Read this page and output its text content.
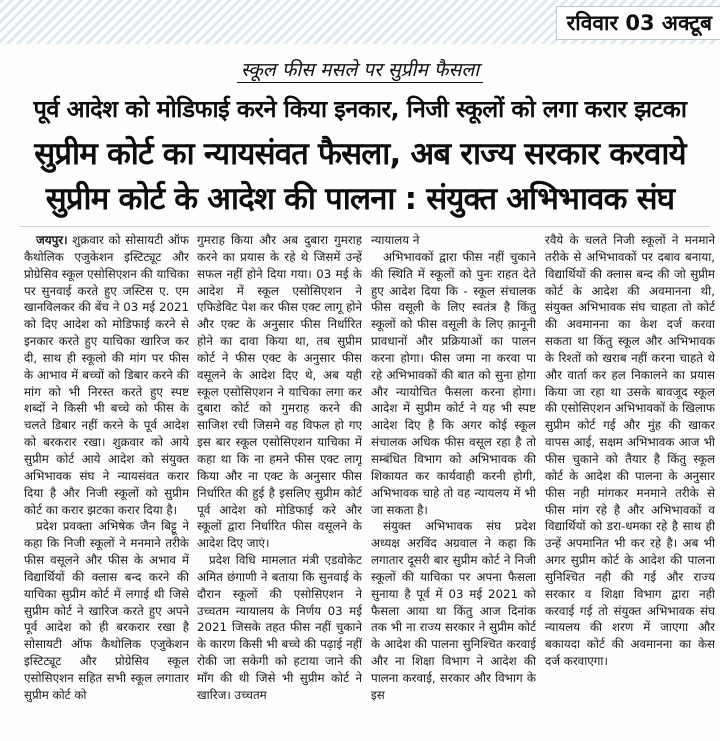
रविवार 03 अक्टूब
स्कूल फीस मसले पर सुप्रीम फैसला
पूर्व आदेश को मोडिफाई करने किया इनकार, निजी स्कूलों को लगा करार झटका
सुप्रीम कोर्ट का न्यायसंवत फैसला, अब राज्य सरकार करवाये
सुप्रीम कोर्ट के आदेश की पालना : संयुक्त अभिभावक संघ

जयपुर। शुक्रवार को सोसायटी ऑफ कैथोलिक एजुकेशन इस्टिट्यूट और प्रोग्रेसिव स्कूल एसोसिएशन की याचिका पर सुनवाई करते हुए जस्टिस ए. एम खानविलकर की बेंच ने 03 मई 2021 को दिए आदेश को मोडिफाई करने से इनकार करते हुए याचिका खारिज कर दी, साथ ही स्कूलो की मांग पर फीस के आभाव में बच्चों को डिबार करने की मांग को भी निरस्त करते हुए स्पष्ट शब्दों ने किसी भी बच्चे को फीस के चलते डिबार नहीं करने के पूर्व आदेश को बरकरार रखा। शुक्रवार को आये सुप्रीम कोर्ट आये आदेश को संयुक्त अभिभावक संघ ने न्यायसंवत करार दिया है और निजी स्कूलों को सुप्रीम कोर्ट का करार झटका करार दिया है।

प्रदेश प्रवक्ता अभिषेक जैन बिट्टू ने कहा कि निजी स्कूलों ने मनमाने तरीके फीस वसूलने और फीस के अभाव में विद्यार्थियों की क्लास बन्द करने की याचिका सुप्रीम कोर्ट में लगाई थी जिसे सुप्रीम कोर्ट ने खारिज करते हुए अपने पूर्व आदेश को ही बरकरार रखा है सोसायटी ऑफ कैथोलिक एजुकेशन इस्टिट्यूट और प्रोग्रेसिव स्कूल एसोसिएशन सहित सभी स्कूल लगातार सुप्रीम कोर्ट को

गुमराह किया और अब दुबारा गुमराह करने का प्रयास के रहे थे जिसमें उन्हें सफल नहीं होने दिया गया। 03 मई के आदेश में स्कूल एसोसिएशन ने एफिडेविट पेश कर फीस एक्ट लागू होने और एक्ट के अनुसार फीस निर्धारित होने का दावा किया था, तब सुप्रीम कोर्ट ने फीस एक्ट के अनुसार फीस वसूलने के आदेश दिए थे, अब यही स्कूल एसोसिएशन ने याचिका लगा कर दुबारा कोर्ट को गुमराह करने की साजिश रची जिसमे वह विफल हो गए इस बार स्कूल एसोसिएशन याचिका में कहा था कि ना हमने फीस एक्ट लागू किया और ना एक्ट के अनुसार फीस निर्धारित की हुई है इसलिए सुप्रीम कोर्ट पूर्व आदेश को मोडिफाई करे और स्कूलों द्वारा निर्धारित फीस वसूलने के आदेश दिए जाएं।

प्रदेश विधि मामलात मंत्री एडवोकेट अमित छंगाणी ने बताया कि सुनवाई के दौरान स्कूलों की एसोसिएशन ने उच्चतम न्यायालय के निर्णय 03 मई 2021 जिसके तहत फीस नहीं चुकाने के कारण किसी भी बच्चे की पढ़ाई नहीं रोकी जा सकेगी को हटाया जाने की माँग की थी जिसे भी सुप्रीम कोर्ट ने खारिज। उच्चतम

न्यायालय ने

अभिभावकों द्वारा फीस नहीं चुकाने की स्थिति में स्कूलों को पुनः राहत देते हुए आदेश दिया कि - स्कूल संचालक फीस वसूली के लिए स्वतंत्र है किंतु स्कूलों को फीस वसूली के लिए क़ानूनी प्रावधानों और प्रक्रियाओं का पालन करना होगा। फीस जमा ना करवा पा रहे अभिभावकों की बात को सुना होगा और न्यायोचित फैसला करना होगा। आदेश में सुप्रीम कोर्ट ने यह भी स्पष्ट आदेश दिए है कि अगर कोई स्कूल संचालक अधिक फीस वसूल रहा है तो सम्बंधित विभाग को अभिभावक की शिकायत कर कार्यवाही करनी होगी, अभिभावक चाहे तो वह न्यायलय में भी जा सकता है।

संयुक्त अभिभावक संघ प्रदेश अध्यक्ष अरविंद अग्रवाल ने कहा कि लगातार दूसरी बार सुप्रीम कोर्ट ने निजी स्कूलों की याचिका पर अपना फैसला सुनाया है पूर्व में 03 मई 2021 को फैसला आया था किंतु आज दिनांक तक भी ना राज्य सरकार ने सुप्रीम कोर्ट के आदेश की पालना सुनिश्चित करवाई और ना शिक्षा विभाग ने आदेश की पालना करवाई, सरकार और विभाग के इस

रवैये के चलते निजी स्कूलों ने मनमाने तरीके से अभिभावकों पर दबाव बनाया, विद्यार्थियों की क्लास बन्द की जो सुप्रीम कोर्ट के आदेश की अवमानना थी, संयुक्त अभिभावक संघ चाहता तो कोर्ट की अवमानना का केश दर्ज करवा सकता था किंतु स्कूल और अभिभावक के रिश्तों को खराब नहीं करना चाहते थे और वार्ता कर हल निकालने का प्रयास किया जा रहा था उसके बावजूद स्कूल की एसोसिएशन अभिभावकों के खिलाफ सुप्रीम कोर्ट गई और मुंह की खाकर वापस आई, सक्षम अभिभावक आज भी फीस चुकाने को तैयार है किंतु स्कूल कोर्ट के आदेश की पालना के अनुसार फीस नही मांगकर मनमाने तरीके से फीस मांग रहे है और अभिभावकों व विद्यार्थियों को डरा-धमका रहे है साथ ही उन्हें अपमानित भी कर रहे है। अब भी अगर सुप्रीम कोर्ट के आदेश की पालना सुनिश्चित नही की गई और राज्य सरकार व शिक्षा विभाग द्वारा नही करवाई गई तो संयुक्त अभिभावक संघ न्यायलय की शरण में जाएगा और बकायदा कोर्ट की अवमानना का केस दर्ज करवाएगा।
